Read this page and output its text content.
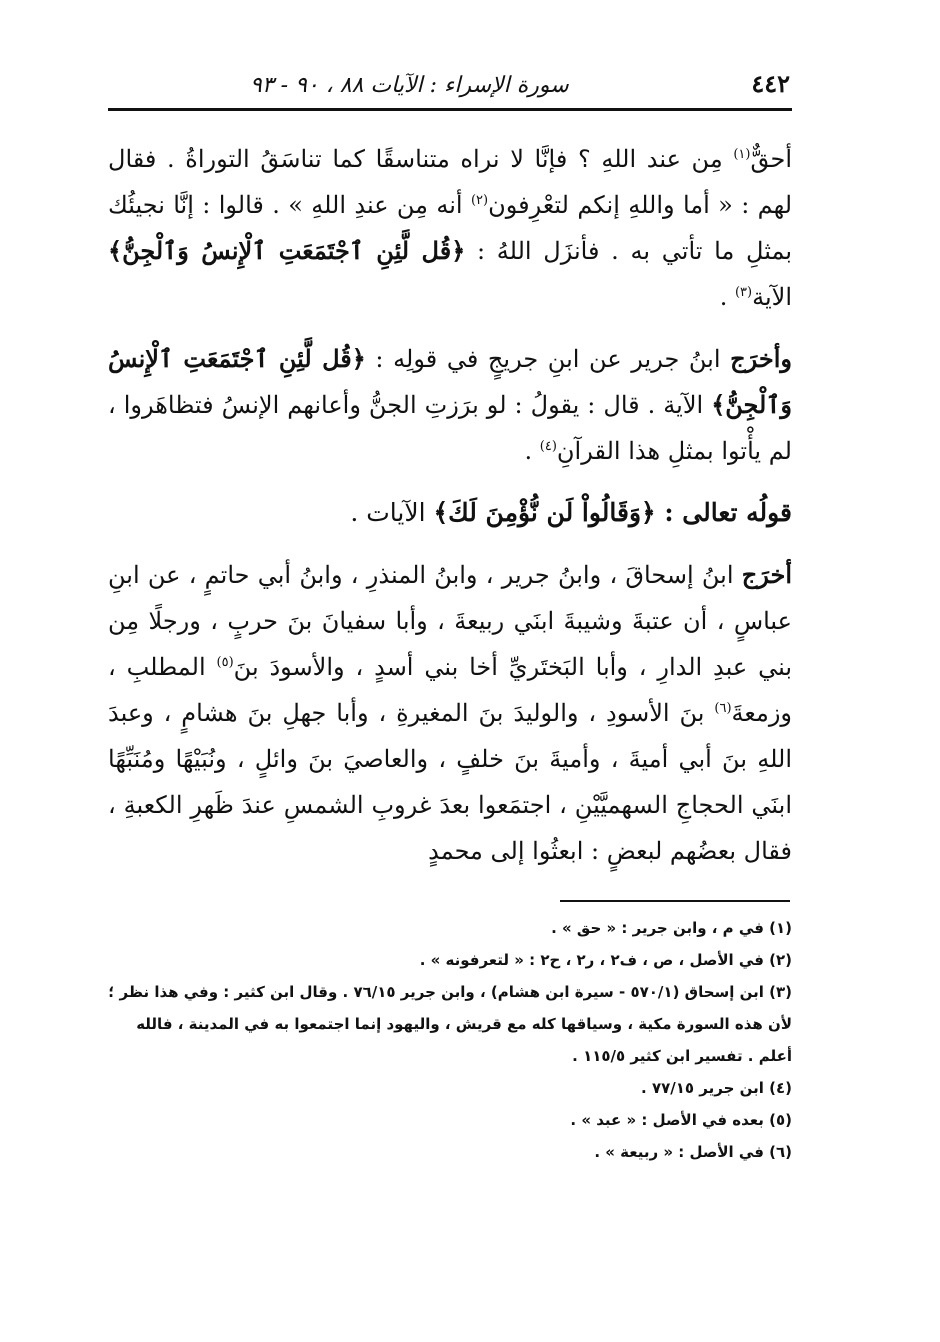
٤٤٢
سورة الإسراء : الآيات ٨٨ ، ٩٠ - ٩٣

أحقٌّ$^{(١)}$ مِن عند اللهِ ؟ فإنَّا لا نراه متناسقًا كما تناسَقُ التوراةُ . فقال لهم : « أما واللهِ إنكم لتعْرِفون$^{(٢)}$ أنه مِن عندِ اللهِ » . قالوا : إنَّا نجيئُك بمثلِ ما تأتي به . فأنزَل اللهُ : ﴿قُل لَّئِنِ ٱجْتَمَعَتِ ٱلْإِنسُ وَٱلْجِنُّ﴾ الآية$^{(٣)}$ .

وأخرَج ابنُ جرير عن ابنِ جريجٍ في قولِه : ﴿قُل لَّئِنِ ٱجْتَمَعَتِ ٱلْإِنسُ وَٱلْجِنُّ﴾ الآية . قال : يقولُ : لو برَزتِ الجنُّ وأعانهم الإنسُ فتظاهَروا ، لم يأْتوا بمثلِ هذا القرآنِ$^{(٤)}$ .

قولُه تعالى : ﴿وَقَالُواْ لَن نُّؤْمِنَ لَكَ﴾ الآيات .

أخرَج ابنُ إسحاقَ ، وابنُ جرير ، وابنُ المنذرِ ، وابنُ أبي حاتمٍ ، عن ابنِ عباسٍ ، أن عتبةَ وشيبةَ ابنَي ربيعةَ ، وأبا سفيانَ بنَ حربٍ ، ورجلًا مِن بني عبدِ الدارِ ، وأبا البَختَريِّ أخا بني أسدٍ ، والأسودَ بنَ$^{(٥)}$ المطلبِ ، وزمعةَ$^{(٦)}$ بنَ الأسودِ ، والوليدَ بنَ المغيرةِ ، وأبا جهلِ بنَ هشامٍ ، وعبدَ اللهِ بنَ أبي أميةَ ، وأميةَ بنَ خلفٍ ، والعاصيَ بنَ وائلٍ ، ونُبَيْهًا ومُنَبِّهًا ابنَي الحجاجِ السهميَّيْنِ ، اجتمَعوا بعدَ غروبِ الشمسِ عندَ ظَهرِ الكعبةِ ، فقال بعضُهم لبعضٍ : ابعثُوا إلى محمدٍ

(١) في م ، وابن جرير : « حق » .

(٢) في الأصل ، ص ، ف٢ ، ر٢ ، ح٢ : « لتعرفونه » .

(٣) ابن إسحاق (٥٧٠/١ - سيرة ابن هشام) ، وابن جرير ٧٦/١٥ . وقال ابن كثير : وفي هذا نظر ؛ لأن هذه السورة مكية ، وسياقها كله مع قريش ، واليهود إنما اجتمعوا به في المدينة ، فالله أعلم . تفسير ابن كثير ١١٥/٥ .

(٤) ابن جرير ٧٧/١٥ .

(٥) بعده في الأصل : « عبد » .

(٦) في الأصل : « ربيعة » .
